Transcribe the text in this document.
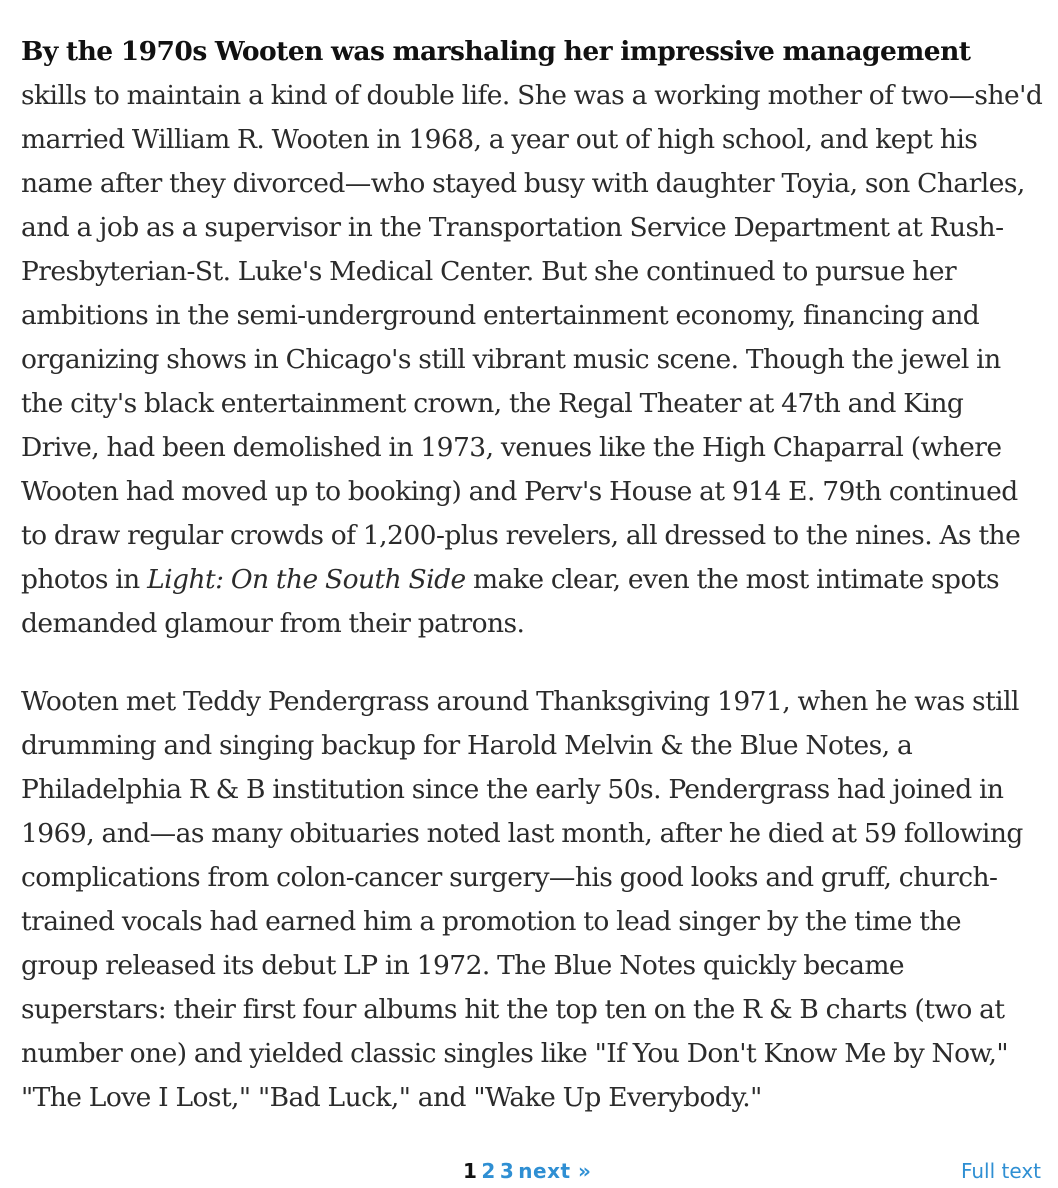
By the 1970s Wooten was marshaling her impressive management skills to maintain a kind of double life. She was a working mother of two—she'd married William R. Wooten in 1968, a year out of high school, and kept his name after they divorced—who stayed busy with daughter Toyia, son Charles, and a job as a supervisor in the Transportation Service Department at Rush-Presbyterian-St. Luke's Medical Center. But she continued to pursue her ambitions in the semi-underground entertainment economy, financing and organizing shows in Chicago's still vibrant music scene. Though the jewel in the city's black entertainment crown, the Regal Theater at 47th and King Drive, had been demolished in 1973, venues like the High Chaparral (where Wooten had moved up to booking) and Perv's House at 914 E. 79th continued to draw regular crowds of 1,200-plus revelers, all dressed to the nines. As the photos in Light: On the South Side make clear, even the most intimate spots demanded glamour from their patrons.

Wooten met Teddy Pendergrass around Thanksgiving 1971, when he was still drumming and singing backup for Harold Melvin & the Blue Notes, a Philadelphia R & B institution since the early 50s. Pendergrass had joined in 1969, and—as many obituaries noted last month, after he died at 59 following complications from colon-cancer surgery—his good looks and gruff, church-trained vocals had earned him a promotion to lead singer by the time the group released its debut LP in 1972. The Blue Notes quickly became superstars: their first four albums hit the top ten on the R & B charts (two at number one) and yielded classic singles like "If You Don't Know Me by Now," "The Love I Lost," "Bad Luck," and "Wake Up Everybody."

1 2 3 next »	Full text
